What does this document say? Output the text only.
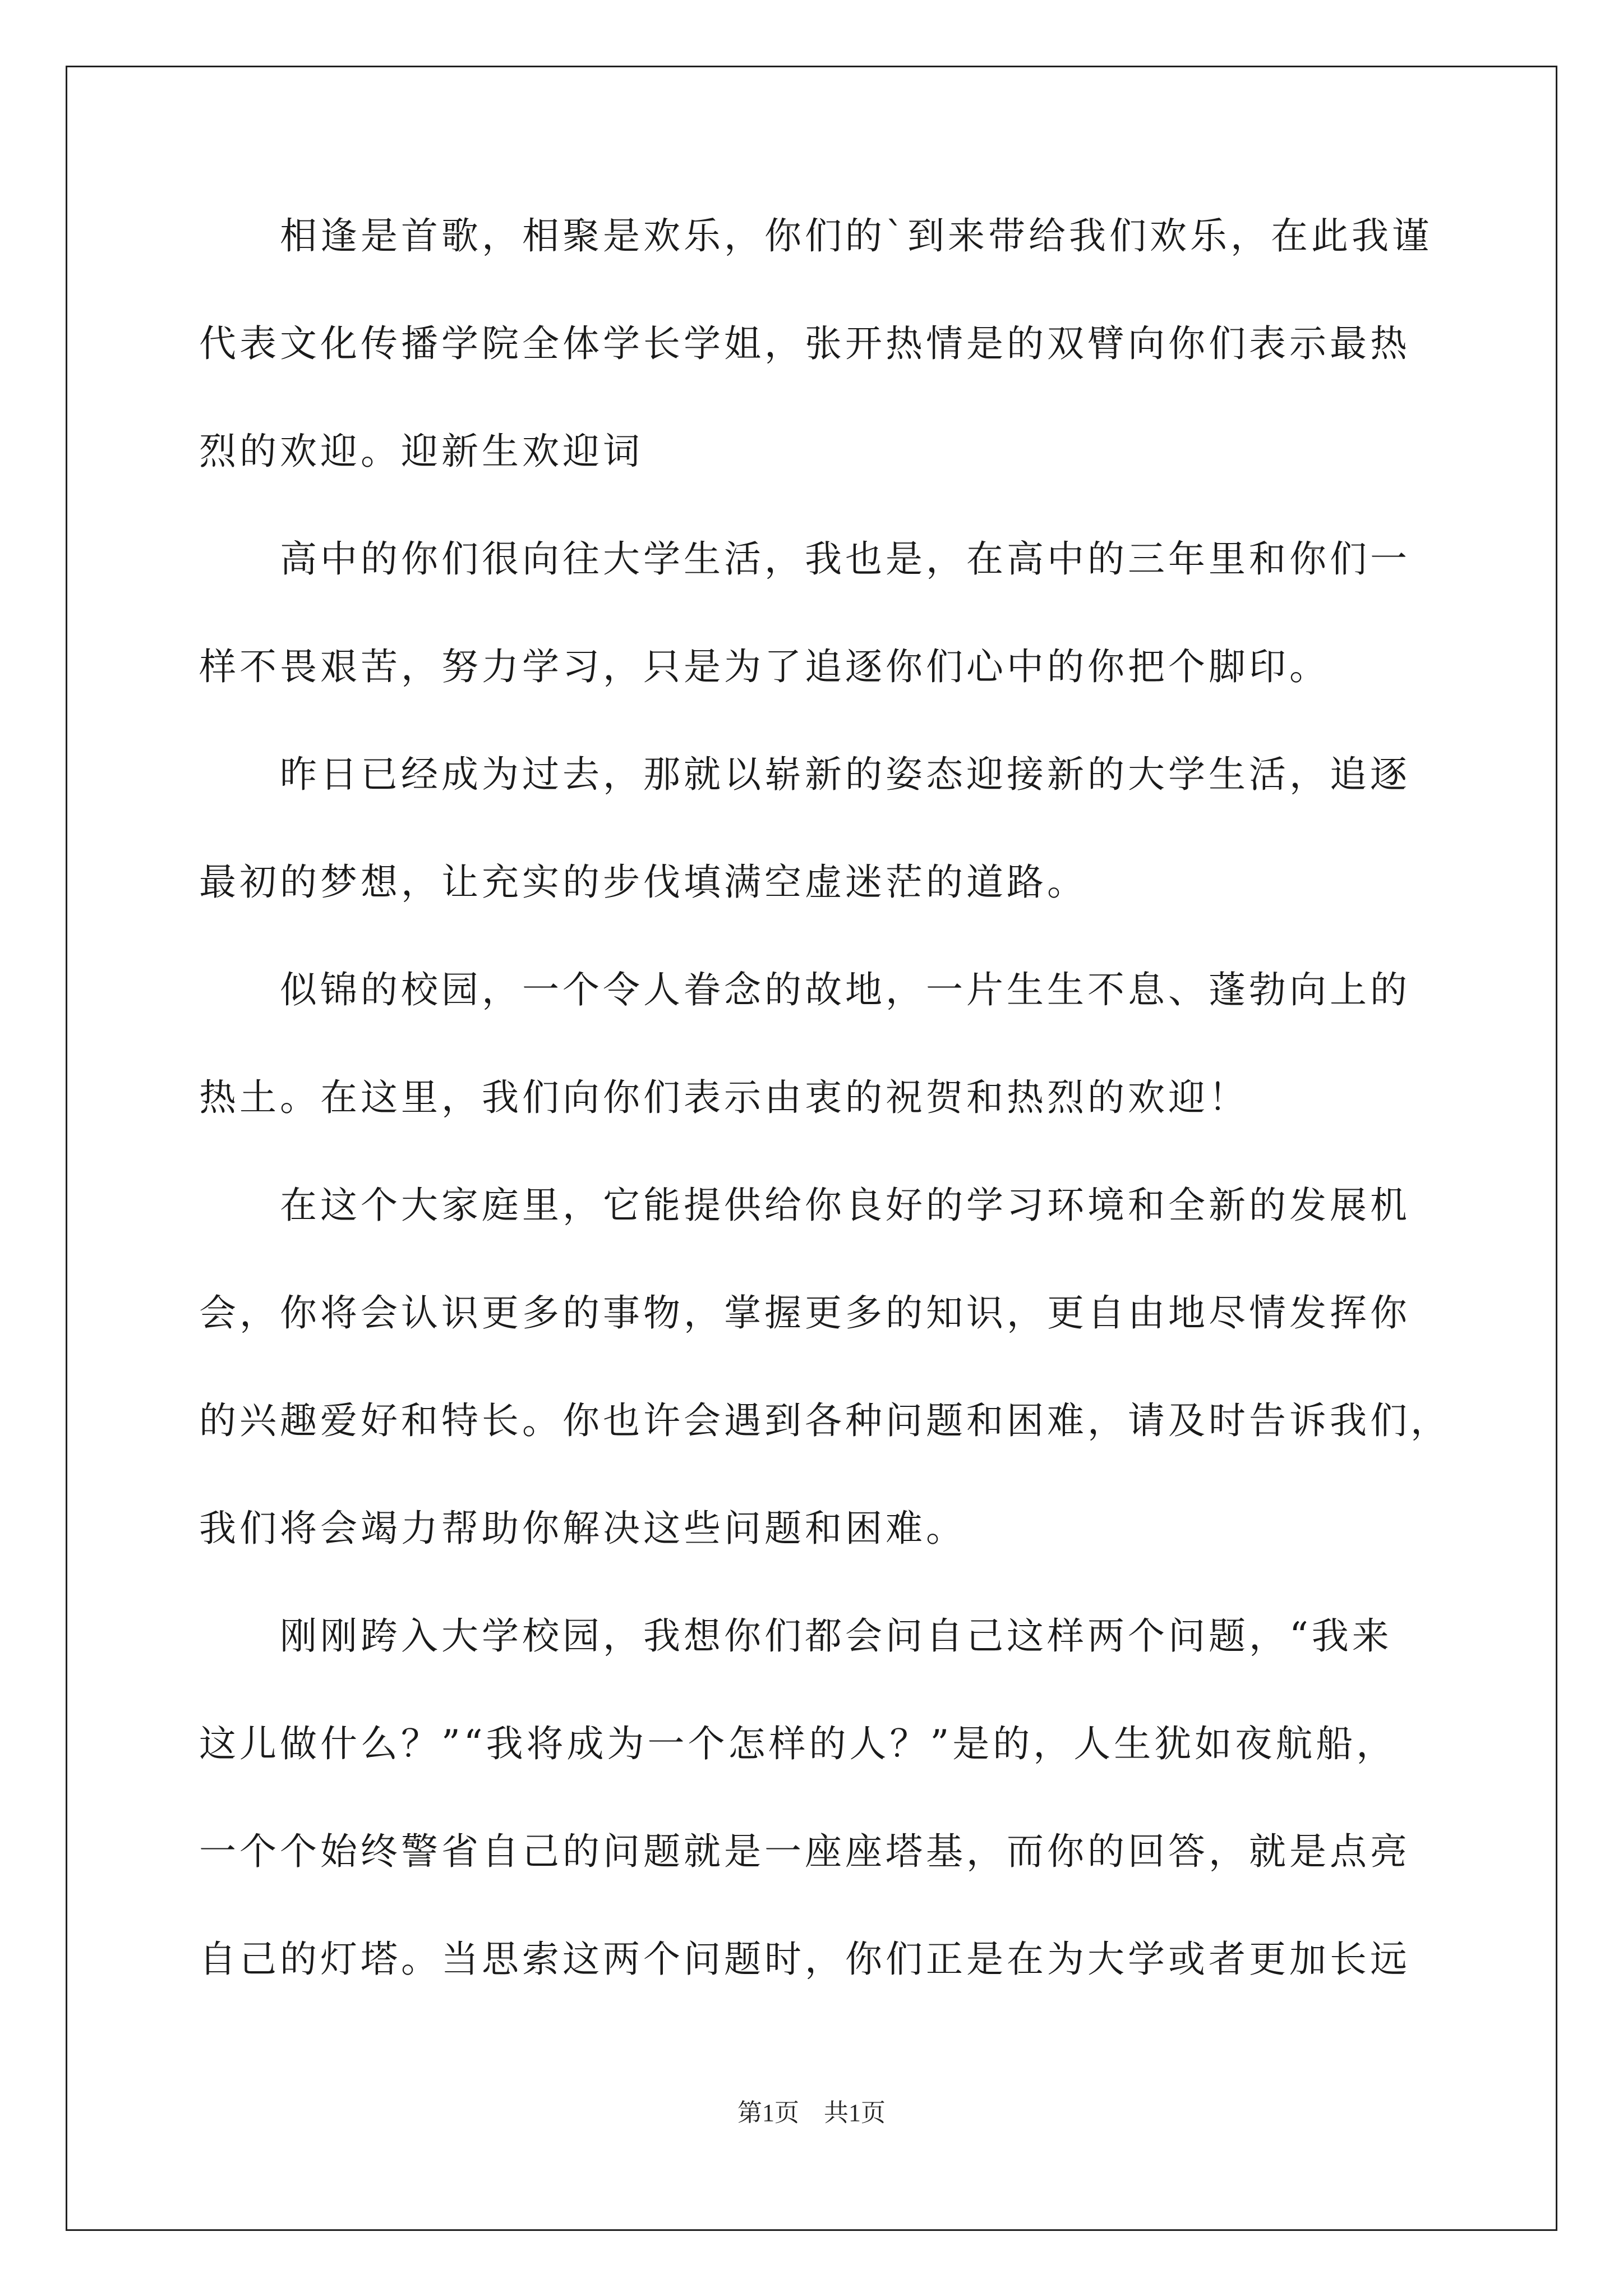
　　相逢是首歌，相聚是欢乐，你们的`到来带给我们欢乐，在此我谨
代表文化传播学院全体学长学姐，张开热情是的双臂向你们表示最热
烈的欢迎。迎新生欢迎词
　　高中的你们很向往大学生活，我也是，在高中的三年里和你们一
样不畏艰苦，努力学习，只是为了追逐你们心中的你把个脚印。
　　昨日已经成为过去，那就以崭新的姿态迎接新的大学生活，追逐
最初的梦想，让充实的步伐填满空虚迷茫的道路。
　　似锦的校园，一个令人眷念的故地，一片生生不息、蓬勃向上的
热土。在这里，我们向你们表示由衷的祝贺和热烈的欢迎！
　　在这个大家庭里，它能提供给你良好的学习环境和全新的发展机
会，你将会认识更多的事物，掌握更多的知识，更自由地尽情发挥你
的兴趣爱好和特长。你也许会遇到各种问题和困难，请及时告诉我们，
我们将会竭力帮助你解决这些问题和困难。
　　刚刚跨入大学校园，我想你们都会问自己这样两个问题，“我来
这儿做什么？”“我将成为一个怎样的人？”是的，人生犹如夜航船，
一个个始终警省自己的问题就是一座座塔基，而你的回答，就是点亮
自己的灯塔。当思索这两个问题时，你们正是在为大学或者更加长远
第1页　共1页
